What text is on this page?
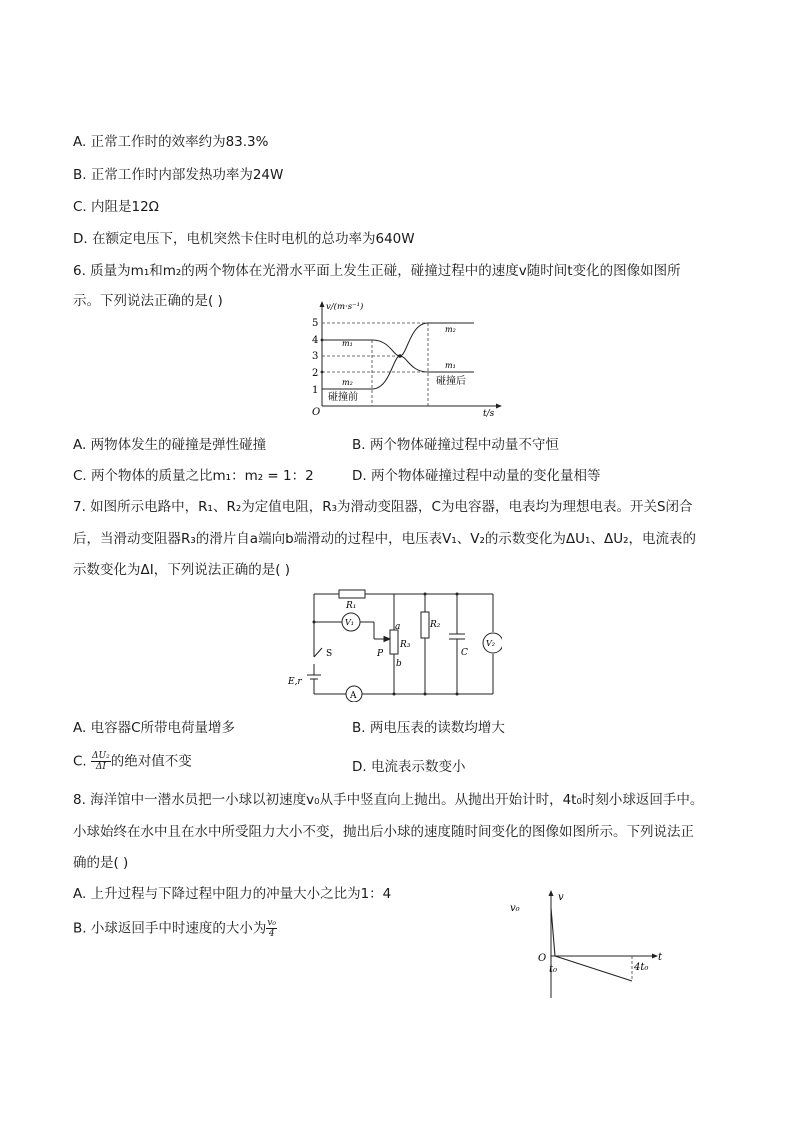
A. 正常工作时的效率约为83.3%
B. 正常工作时内部发热功率为24W
C. 内阻是12Ω
D. 在额定电压下，电机突然卡住时电机的总功率为640W
6. 质量为m₁和m₂的两个物体在光滑水平面上发生正碰，碰撞过程中的速度v随时间t变化的图像如图所
示。下列说法正确的是( )	v/(m·s⁻¹)
t/s
O
5
4
3
2
1
m₁
m₂
m₂
m₁
碰撞前
碰撞后
A. 两物体发生的碰撞是弹性碰撞	B. 两个物体碰撞过程中动量不守恒
C. 两个物体的质量之比m₁：m₂ = 1：2	D. 两个物体碰撞过程中动量的变化量相等
7. 如图所示电路中，R₁、R₂为定值电阻，R₃为滑动变阻器，C为电容器，电表均为理想电表。开关S闭合
后，当滑动变阻器R₃的滑片自a端向b端滑动的过程中，电压表V₁、V₂的示数变化为ΔU₁、ΔU₂，电流表的
示数变化为ΔI，下列说法正确的是( )
R₁
V₁	a
P
R₃
b
R₂
C
V₂
S
E,r
A
A. 电容器C所带电荷量增多	B. 两电压表的读数均增大
C. $\frac{\text{ΔU₂}}{\Delta I}$ 的绝对值不变	D. 电流表示数变小
8. 海洋馆中一潜水员把一小球以初速度v₀从手中竖直向上抛出。从抛出开始计时，4t₀时刻小球返回手中。
小球始终在水中且在水中所受阻力大小不变，抛出后小球的速度随时间变化的图像如图所示。下列说法正
确的是( )
A. 上升过程与下降过程中阻力的冲量大小之比为1：4
B. 小球返回手中时速度的大小为 $\frac{\text{v₀}}{4}$
v₀
v
O
t₀	4t₀
t
